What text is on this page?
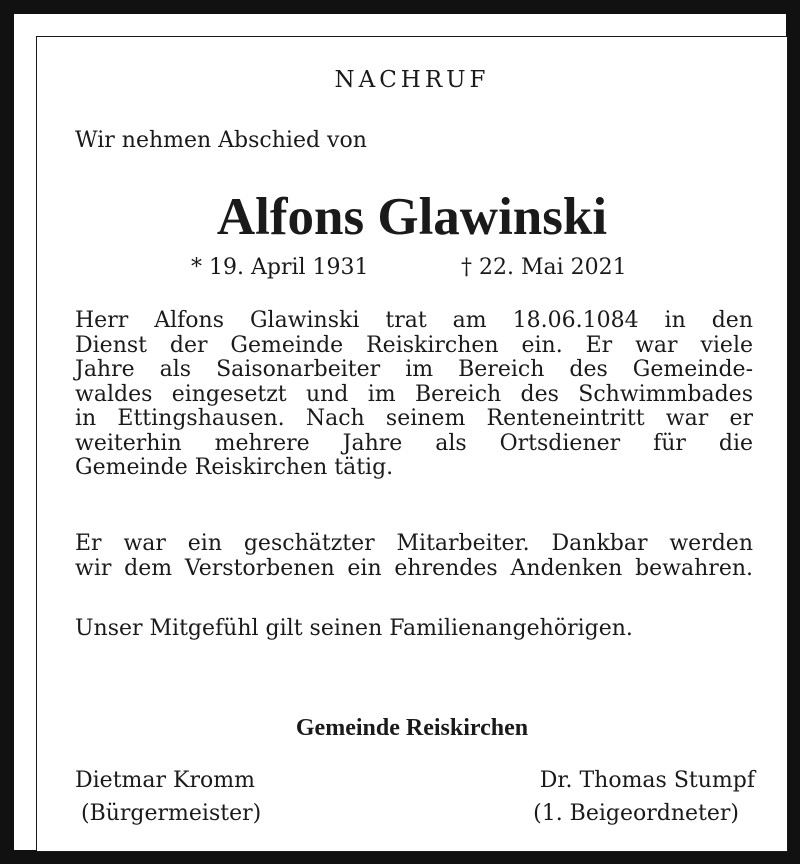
NACHRUF
Wir nehmen Abschied von
Alfons Glawinski
* 19. April 1931	† 22. Mai 2021
Herr Alfons Glawinski trat am 18.06.1084 in den
Dienst der Gemeinde Reiskirchen ein. Er war viele
Jahre als Saisonarbeiter im Bereich des Gemeinde-
waldes eingesetzt und im Bereich des Schwimmbades
in Ettingshausen. Nach seinem Renteneintritt war er
weiterhin mehrere Jahre als Ortsdiener für die
Gemeinde Reiskirchen tätig.
Er war ein geschätzter Mitarbeiter. Dankbar werden
wir dem Verstorbenen ein ehrendes Andenken bewahren.
Unser Mitgefühl gilt seinen Familienangehörigen.
Gemeinde Reiskirchen
Dietmar Kromm
(Bürgermeister)
Dr. Thomas Stumpf
(1. Beigeordneter)
